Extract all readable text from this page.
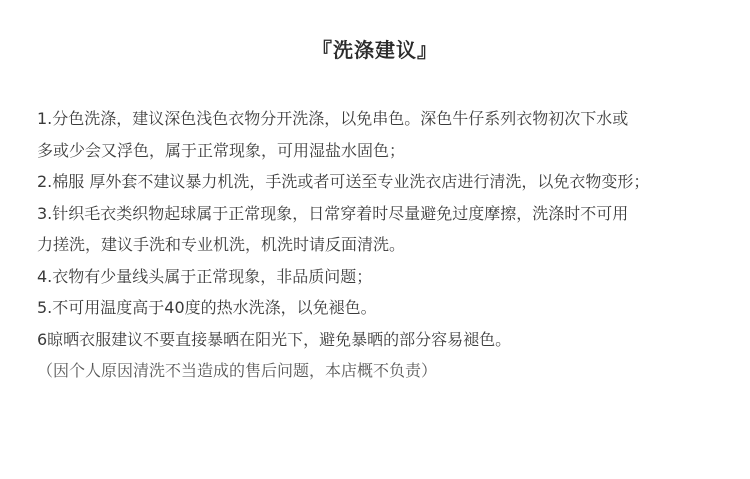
『洗涤建议』
1.分色洗涤，建议深色浅色衣物分开洗涤，以免串色。深色牛仔系列衣物初次下水或
多或少会又浮色，属于正常现象，可用湿盐水固色；
2.棉服 厚外套不建议暴力机洗，手洗或者可送至专业洗衣店进行清洗，以免衣物变形；
3.针织毛衣类织物起球属于正常现象，日常穿着时尽量避免过度摩擦，洗涤时不可用
力搓洗，建议手洗和专业机洗，机洗时请反面清洗。
4.衣物有少量线头属于正常现象，非品质问题；
5.不可用温度高于40度的热水洗涤，以免褪色。
6晾晒衣服建议不要直接暴晒在阳光下，避免暴晒的部分容易褪色。
（因个人原因清洗不当造成的售后问题，本店概不负责）
